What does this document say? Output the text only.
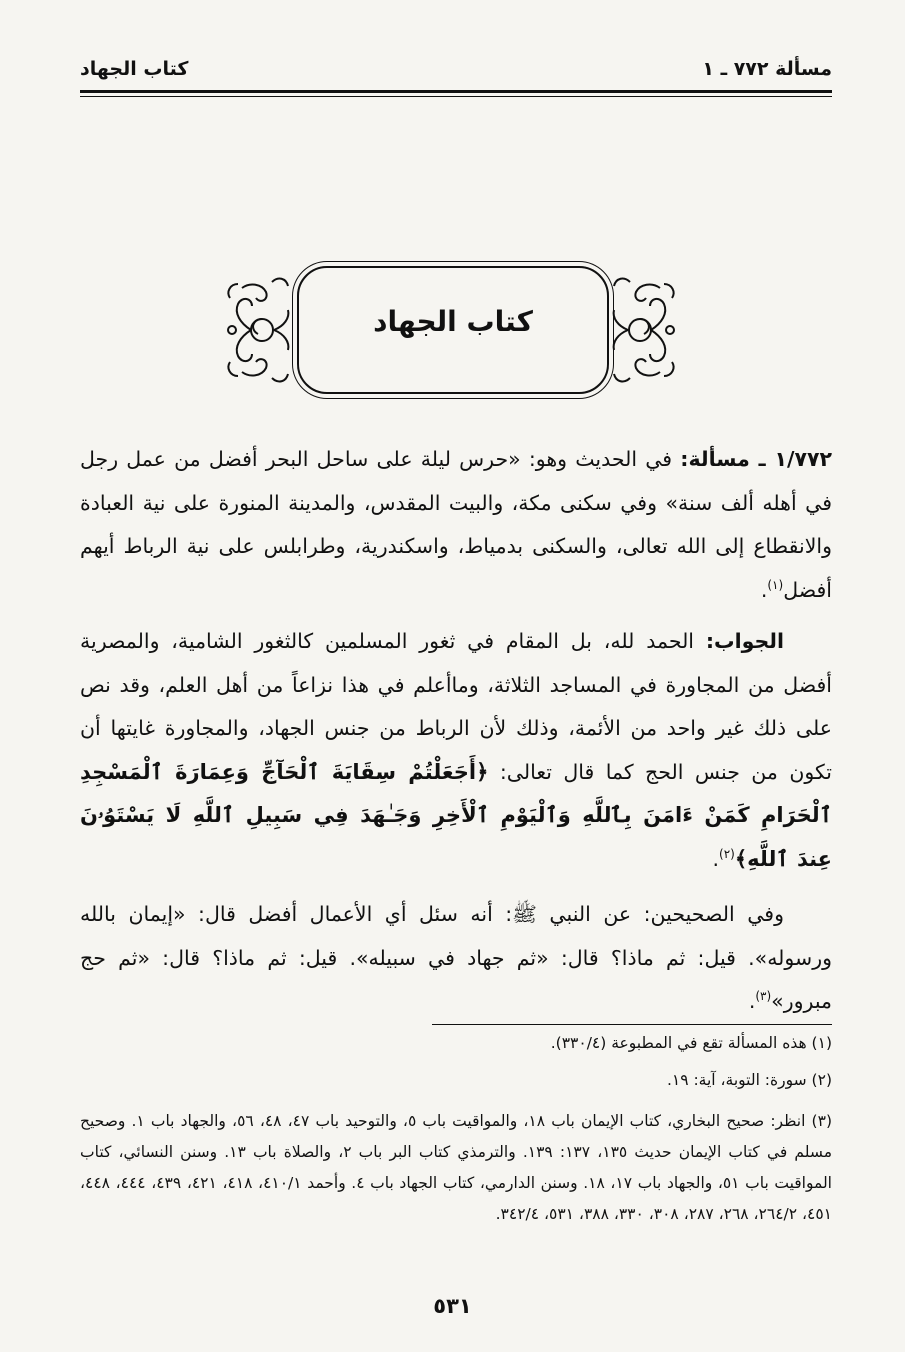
مسألة ٧٧٢ ـ ١
كتاب الجهاد
كتاب الجهاد

١/٧٧٢ ـ مسألة: في الحديث وهو: «حرس ليلة على ساحل البحر أفضل من عمل رجل في أهله ألف سنة» وفي سكنى مكة، والبيت المقدس، والمدينة المنورة على نية العبادة والانقطاع إلى الله تعالى، والسكنى بدمياط، واسكندرية، وطرابلس على نية الرباط أيهم أفضل$^{(١)}$.

الجواب: الحمد لله، بل المقام في ثغور المسلمين كالثغور الشامية، والمصرية أفضل من المجاورة في المساجد الثلاثة، وماأعلم في هذا نزاعاً من أهل العلم، وقد نص على ذلك غير واحد من الأئمة، وذلك لأن الرباط من جنس الجهاد، والمجاورة غايتها أن تكون من جنس الحج كما قال تعالى: ﴿أَجَعَلْتُمْ سِقَايَةَ ٱلْحَآجِّ وَعِمَارَةَ ٱلْمَسْجِدِ ٱلْحَرَامِ كَمَنْ ءَامَنَ بِٱللَّهِ وَٱلْيَوْمِ ٱلْأَخِرِ وَجَـٰهَدَ فِي سَبِيلِ ٱللَّهِ لَا يَسْتَوُۥنَ عِندَ ٱللَّهِ﴾$^{(٢)}$.

وفي الصحيحين: عن النبي ﷺ: أنه سئل أي الأعمال أفضل قال: «إيمان بالله ورسوله». قيل: ثم ماذا؟ قال: «ثم جهاد في سبيله». قيل: ثم ماذا؟ قال: «ثم حج مبرور»$^{(٣)}$.

(١) هذه المسألة تقع في المطبوعة (٣٣٠/٤).

(٢) سورة: التوبة، آية: ١٩.

(٣) انظر: صحيح البخاري، كتاب الإيمان باب ١٨، والمواقيت باب ٥، والتوحيد باب ٤٧، ٤٨، ٥٦، والجهاد باب ١. وصحيح مسلم في كتاب الإيمان حديث ١٣٥، ١٣٧: ١٣٩. والترمذي كتاب البر باب ٢، والصلاة باب ١٣. وسنن النسائي، كتاب المواقيت باب ٥١، والجهاد باب ١٧، ١٨. وسنن الدارمي، كتاب الجهاد باب ٤. وأحمد ٤١٠/١، ٤١٨، ٤٢١، ٤٣٩، ٤٤٤، ٤٤٨، ٤٥١، ٢٦٤/٢، ٢٦٨، ٢٨٧، ٣٠٨، ٣٣٠، ٣٨٨، ٥٣١، ٣٤٢/٤.

٥٣١
